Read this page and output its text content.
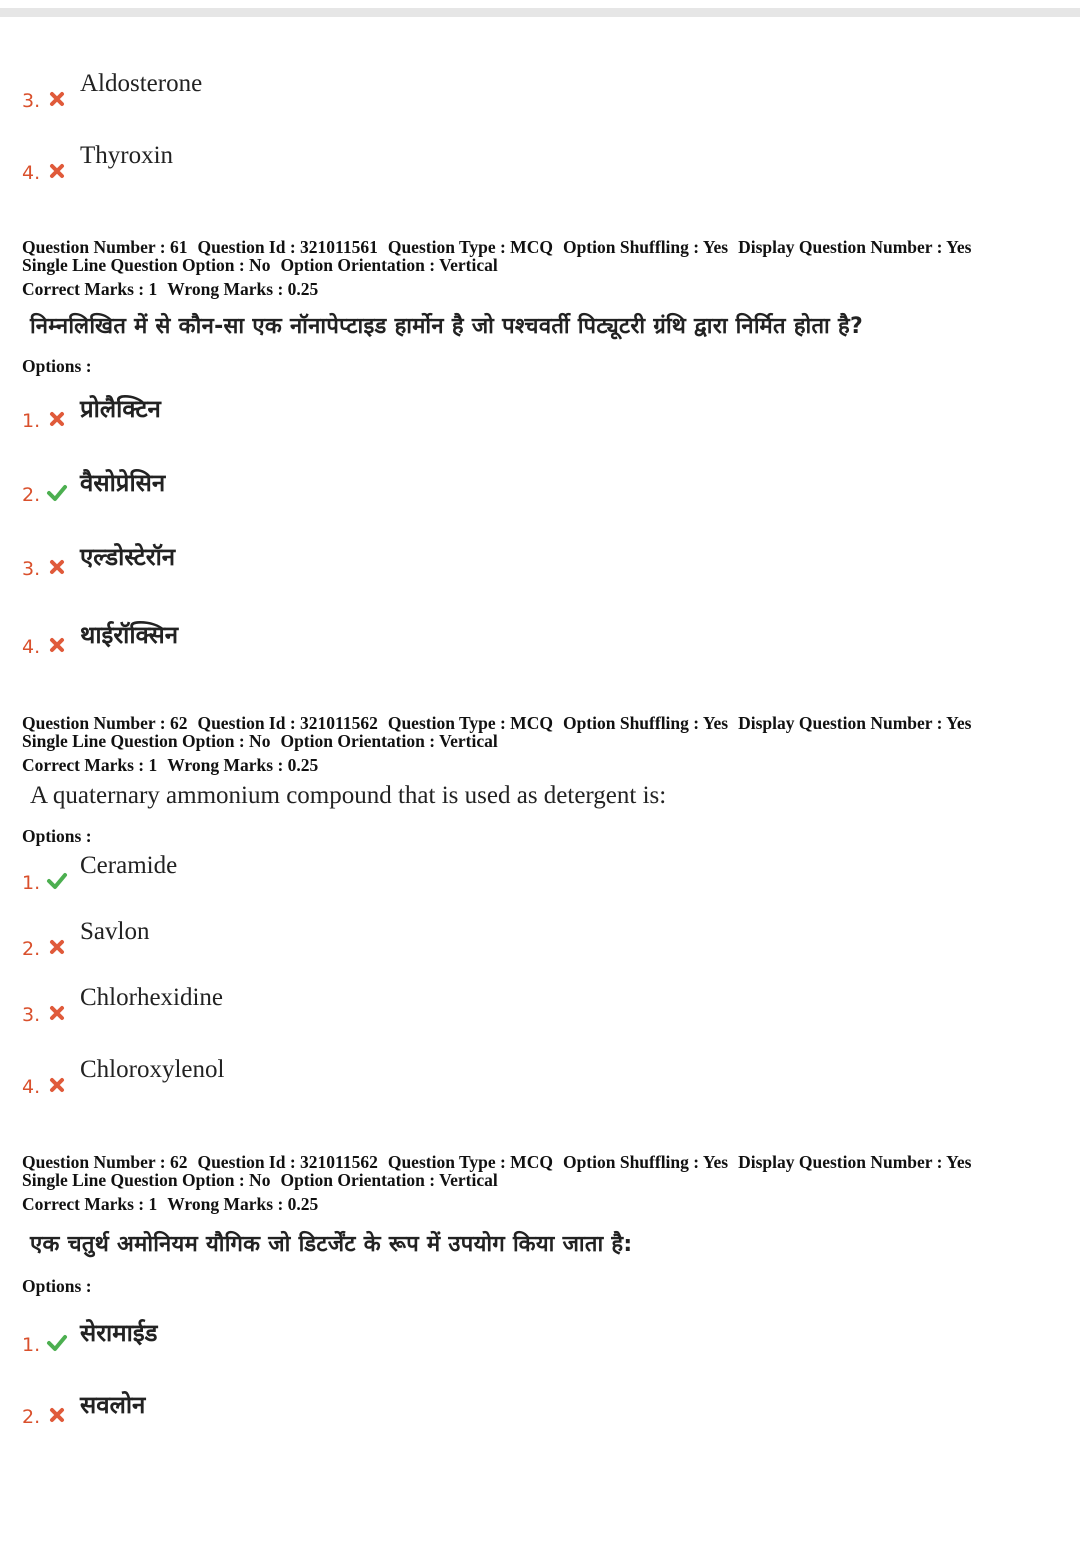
3.
Aldosterone
4.
Thyroxin
Question Number : 61 Question Id : 321011561 Question Type : MCQ Option Shuffling : Yes Display Question Number : Yes
Single Line Question Option : No Option Orientation : Vertical
Correct Marks : 1 Wrong Marks : 0.25
निम्नलिखित में से कौन-सा एक नॉनापेप्टाइड हार्मोन है जो पश्चवर्ती पिट्यूटरी ग्रंथि द्वारा निर्मित होता है?
Options :
1. प्रोलैक्टिन
2. वैसोप्रेसिन
3. एल्डोस्टेरॉन
4. थाईरॉक्सिन
Question Number : 62 Question Id : 321011562 Question Type : MCQ Option Shuffling : Yes Display Question Number : Yes
Single Line Question Option : No Option Orientation : Vertical
Correct Marks : 1 Wrong Marks : 0.25
A quaternary ammonium compound that is used as detergent is:
Options :
1.
Ceramide
2.
Savlon
3.
Chlorhexidine
4.
Chloroxylenol
Question Number : 62 Question Id : 321011562 Question Type : MCQ Option Shuffling : Yes Display Question Number : Yes
Single Line Question Option : No Option Orientation : Vertical
Correct Marks : 1 Wrong Marks : 0.25
एक चतुर्थ अमोनियम यौगिक जो डिटर्जेंट के रूप में उपयोग किया जाता है:
Options :
1. सेरामाईड
2. सवलोन
